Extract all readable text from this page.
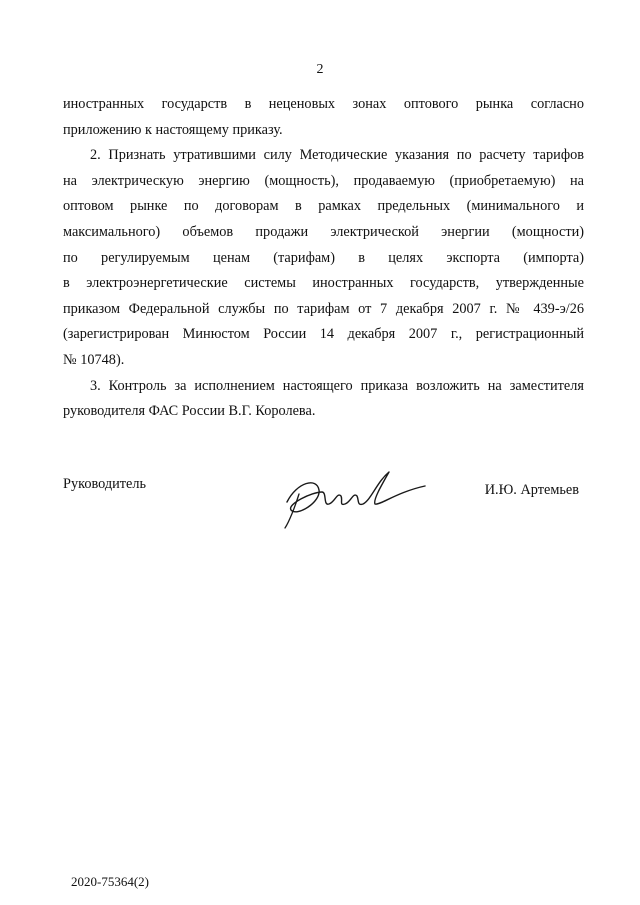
2
иностранных государств в неценовых зонах оптового рынка согласно
приложению к настоящему приказу.
2. Признать утратившими силу Методические указания по расчету тарифов
на электрическую энергию (мощность), продаваемую (приобретаемую) на
оптовом рынке по договорам в рамках предельных (минимального и
максимального) объемов продажи электрической энергии (мощности)
по регулируемым ценам (тарифам) в целях экспорта (импорта)
в электроэнергетические системы иностранных государств, утвержденные
приказом Федеральной службы по тарифам от 7 декабря 2007 г. № 439-э/26
(зарегистрирован Минюстом России 14 декабря 2007 г., регистрационный
№ 10748).
3. Контроль за исполнением настоящего приказа возложить на заместителя
руководителя ФАС России В.Г. Королева.
Руководитель	И.Ю. Артемьев
2020-75364(2)
